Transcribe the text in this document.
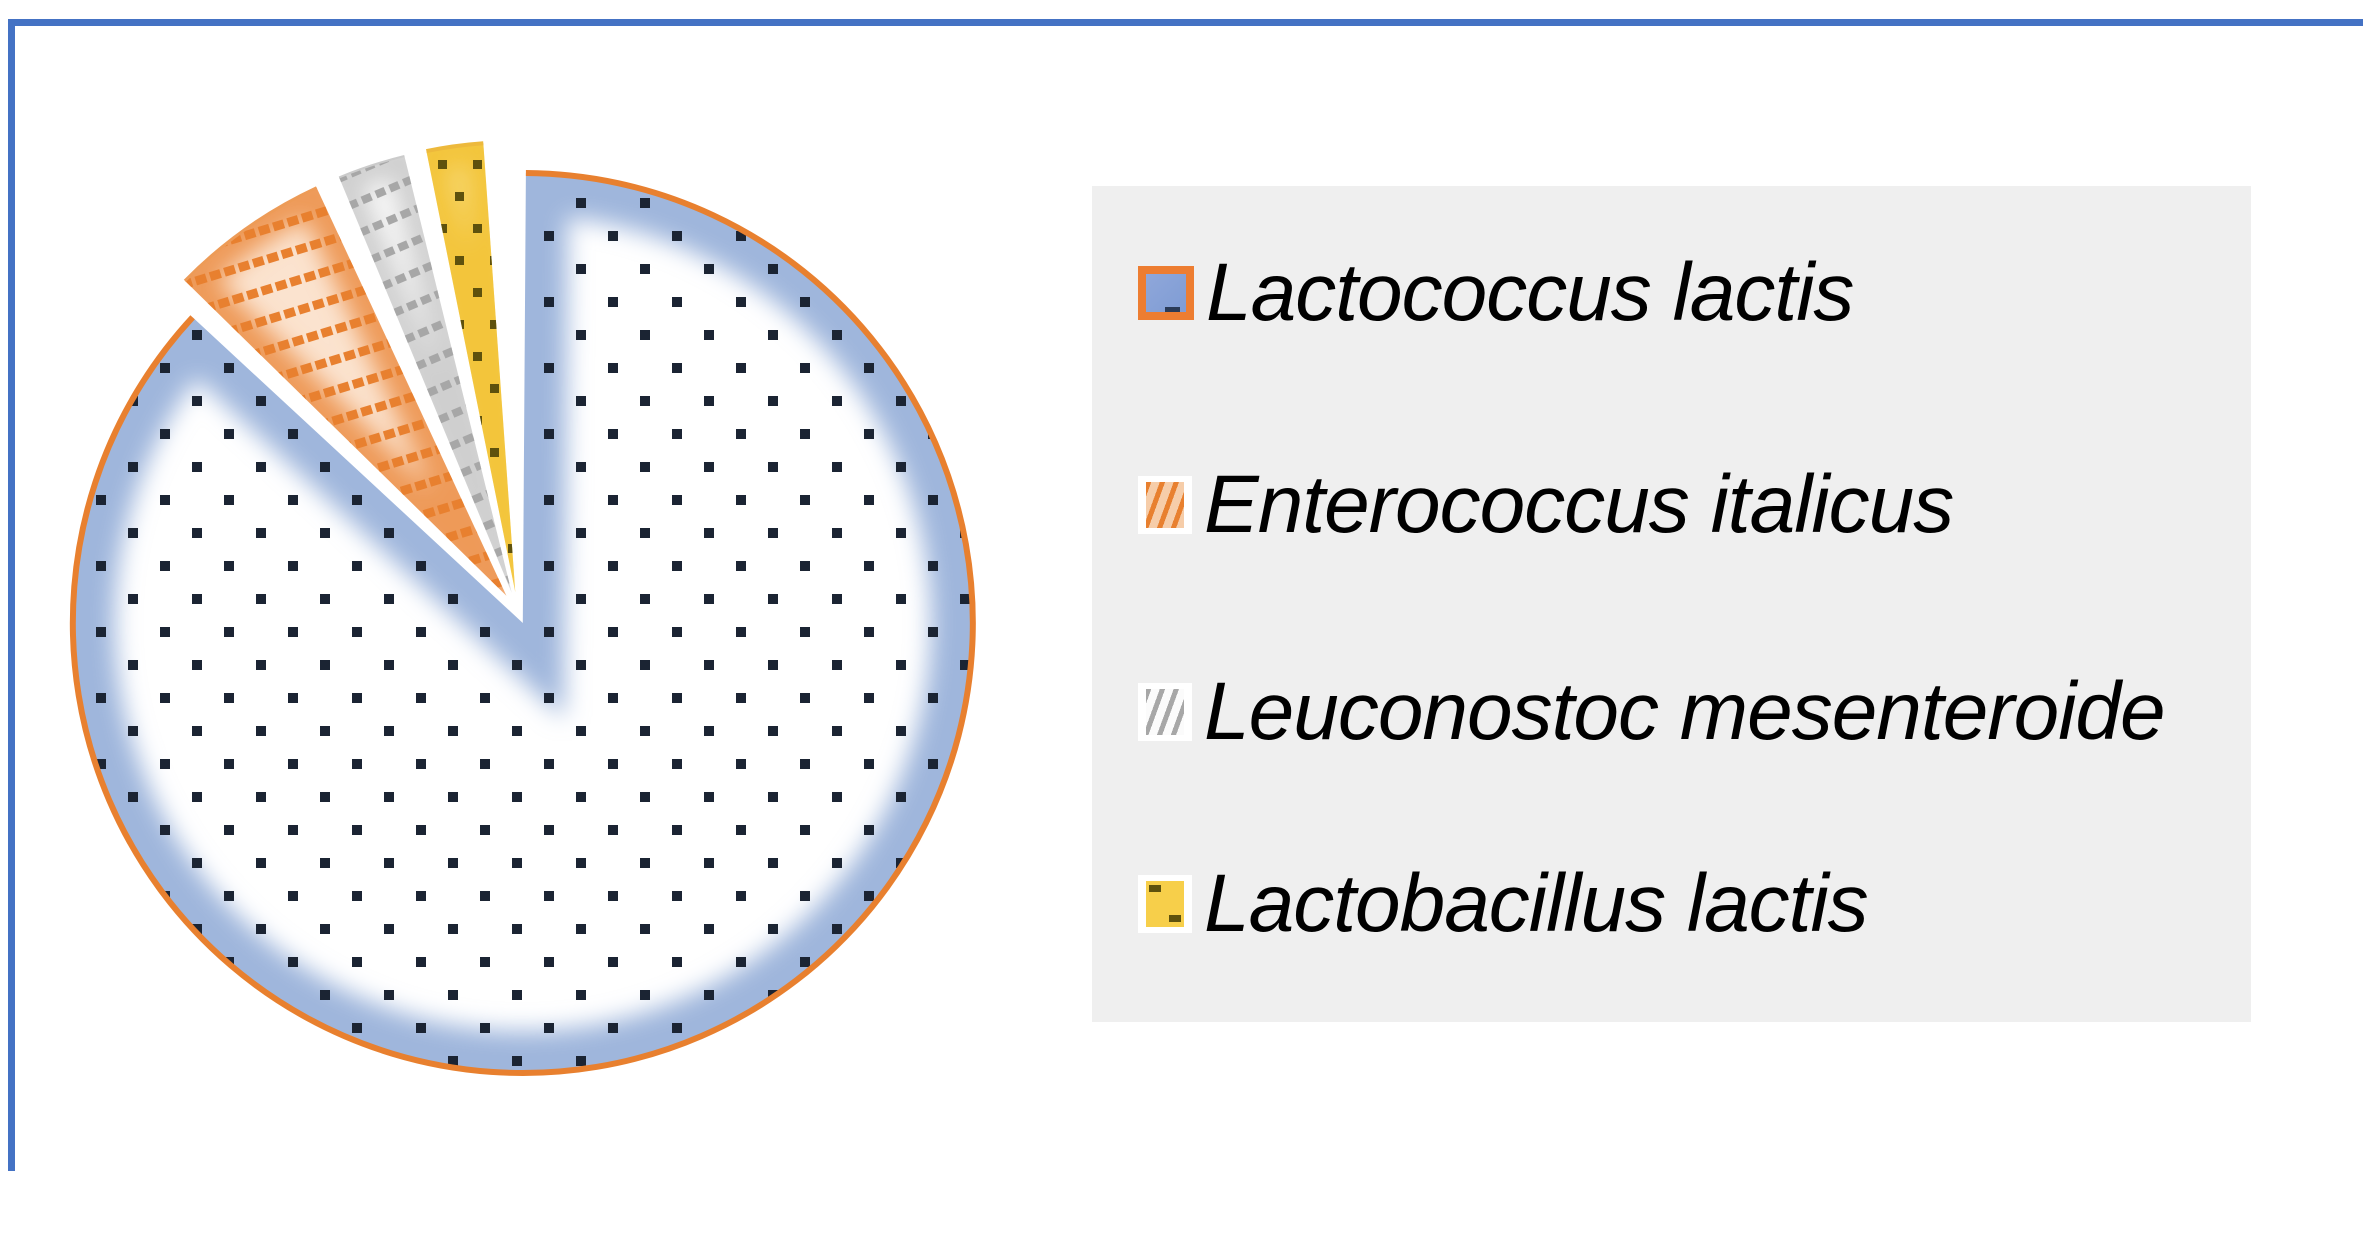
Lactococcus lactis
Enterococcus italicus
Leuconostoc mesenteroide
Lactobacillus lactis
